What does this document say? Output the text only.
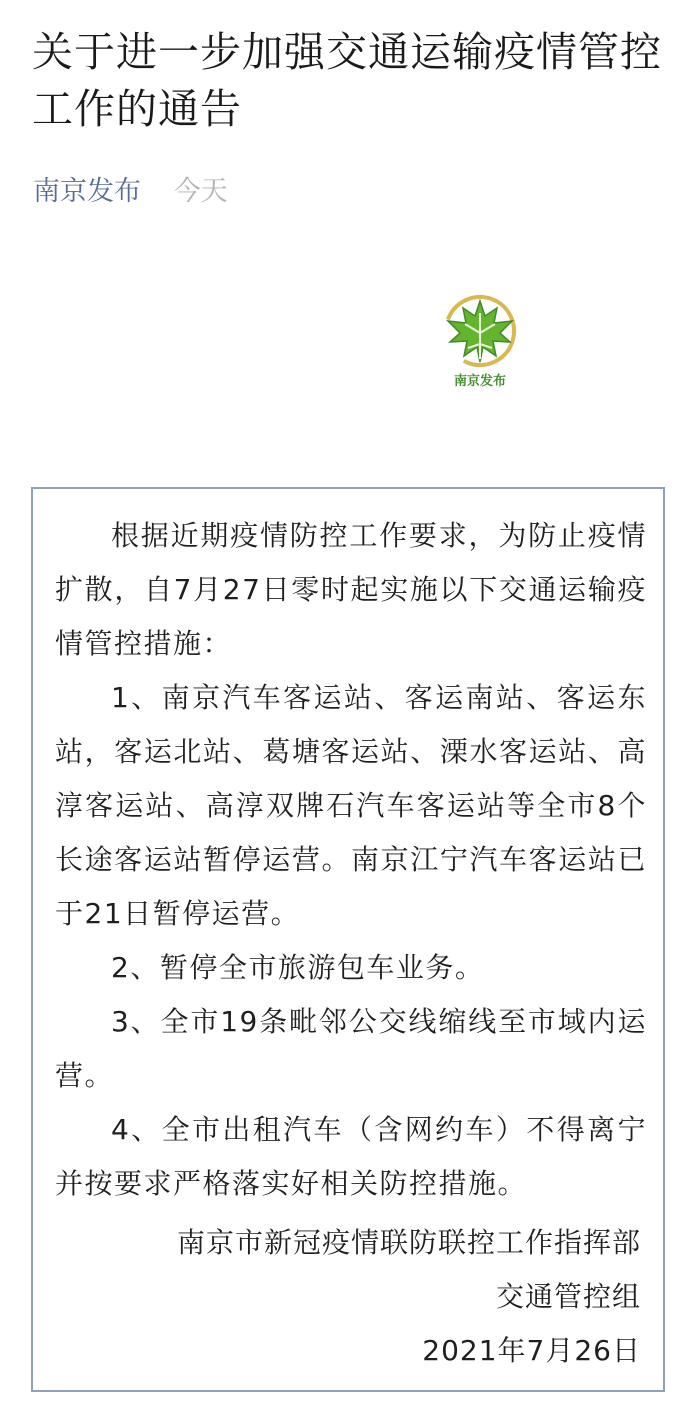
关于进一步加强交通运输疫情管控工作的通告
南京发布 今天
南京发布

根据近期疫情防控工作要求，为防止疫情扩散，自7月27日零时起实施以下交通运输疫情管控措施：

1、南京汽车客运站、客运南站、客运东站，客运北站、葛塘客运站、溧水客运站、高淳客运站、高淳双牌石汽车客运站等全市8个长途客运站暂停运营。南京江宁汽车客运站已于21日暂停运营。

2、暂停全市旅游包车业务。

3、全市19条毗邻公交线缩线至市域内运营。

4、全市出租汽车（含网约车）不得离宁并按要求严格落实好相关防控措施。

南京市新冠疫情联防联控工作指挥部
交通管控组
2021年7月26日
